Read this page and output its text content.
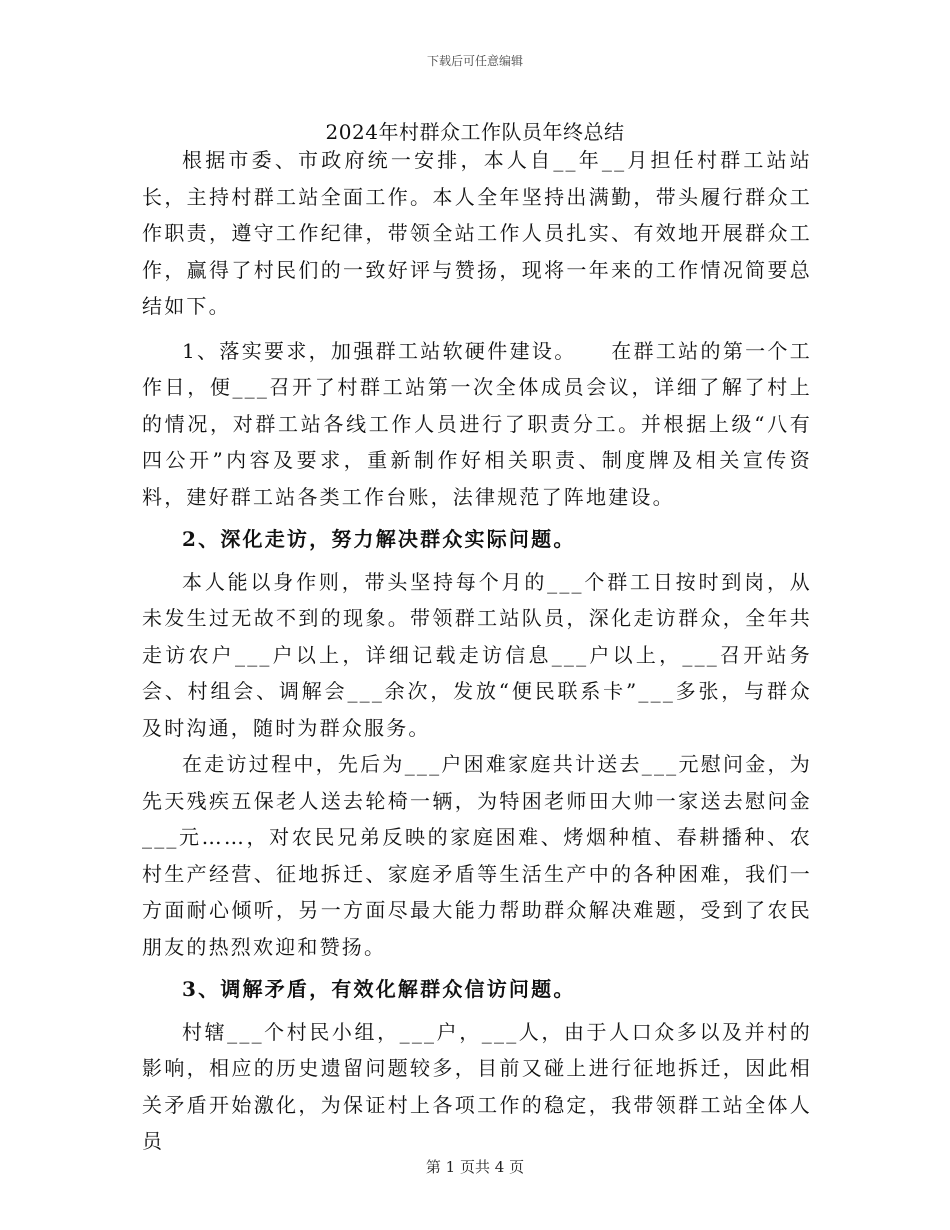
下载后可任意编辑
2024年村群众工作队员年终总结

根据市委、市政府统一安排，本人自__年__月担任村群工站站长，主持村群工站全面工作。本人全年坚持出满勤，带头履行群众工作职责，遵守工作纪律，带领全站工作人员扎实、有效地开展群众工作，赢得了村民们的一致好评与赞扬，现将一年来的工作情况简要总结如下。

1、落实要求，加强群工站软硬件建设。　　在群工站的第一个工作日，便___召开了村群工站第一次全体成员会议，详细了解了村上的情况，对群工站各线工作人员进行了职责分工。并根据上级“八有四公开”内容及要求，重新制作好相关职责、制度牌及相关宣传资料，建好群工站各类工作台账，法律规范了阵地建设。

2、深化走访，努力解决群众实际问题。

本人能以身作则，带头坚持每个月的___个群工日按时到岗，从未发生过无故不到的现象。带领群工站队员，深化走访群众，全年共走访农户___户以上，详细记载走访信息___户以上，___召开站务会、村组会、调解会___余次，发放“便民联系卡”___多张，与群众及时沟通，随时为群众服务。

在走访过程中，先后为___户困难家庭共计送去___元慰问金，为先天残疾五保老人送去轮椅一辆，为特困老师田大帅一家送去慰问金___元……，对农民兄弟反映的家庭困难、烤烟种植、春耕播种、农村生产经营、征地拆迁、家庭矛盾等生活生产中的各种困难，我们一方面耐心倾听，另一方面尽最大能力帮助群众解决难题，受到了农民朋友的热烈欢迎和赞扬。

3、调解矛盾，有效化解群众信访问题。

村辖___个村民小组，___户，___人，由于人口众多以及并村的影响，相应的历史遗留问题较多，目前又碰上进行征地拆迁，因此相关矛盾开始激化，为保证村上各项工作的稳定，我带领群工站全体人员

第 1 页共 4 页
